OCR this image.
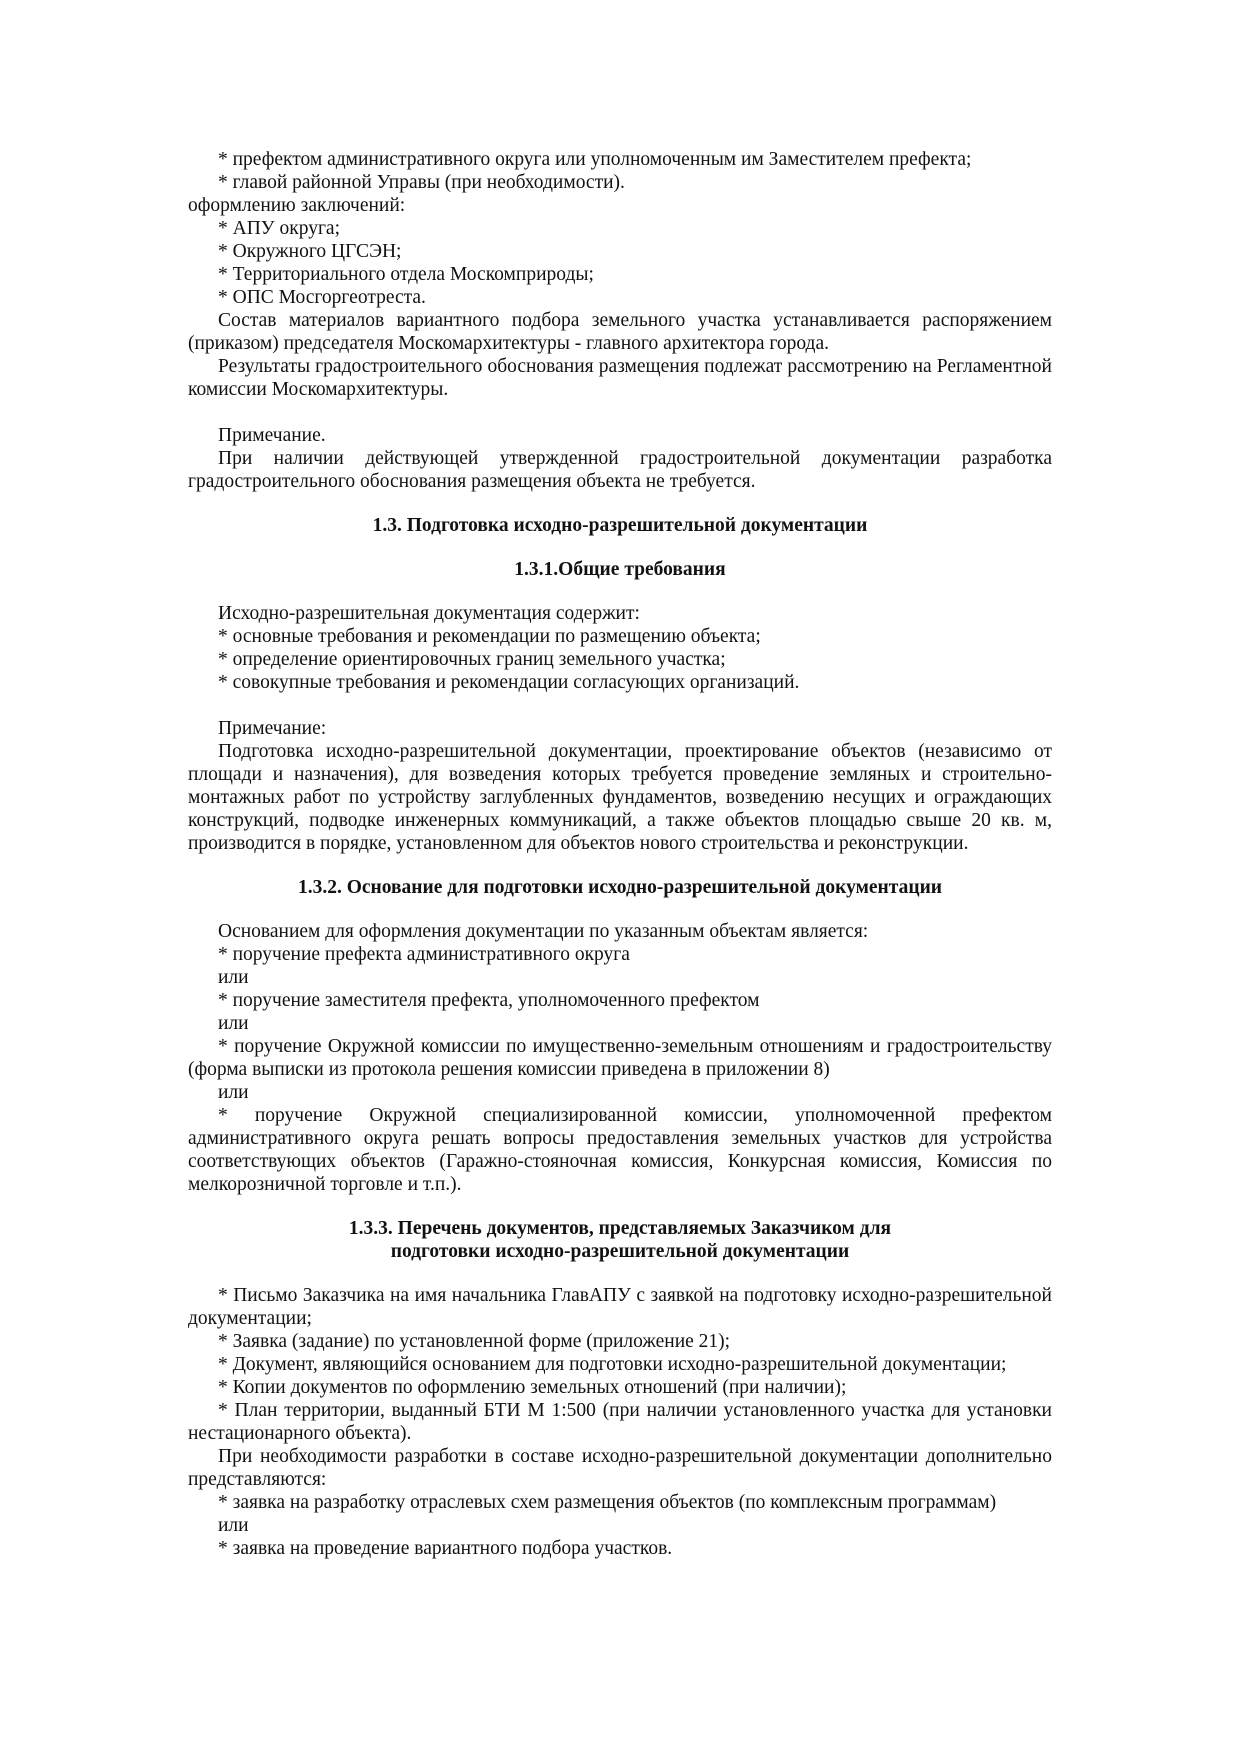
* префектом административного округа или уполномоченным им Заместителем префекта;

* главой районной Управы (при необходимости).

оформлению заключений:

* АПУ округа;

* Окружного ЦГСЭН;

* Территориального отдела Москомприроды;

* ОПС Мосгоргеотреста.

Состав материалов вариантного подбора земельного участка устанавливается распоряжением (приказом) председателя Москомархитектуры - главного архитектора города.

Результаты градостроительного обоснования размещения подлежат рассмотрению на Регламентной комиссии Москомархитектуры.

Примечание.

При наличии действующей утвержденной градостроительной документации разработка градостроительного обоснования размещения объекта не требуется.

1.3. Подготовка исходно-разрешительной документации

1.3.1.Общие требования

Исходно-разрешительная документация содержит:

* основные требования и рекомендации по размещению объекта;

* определение ориентировочных границ земельного участка;

* совокупные требования и рекомендации согласующих организаций.

Примечание:

Подготовка исходно-разрешительной документации, проектирование объектов (независимо от площади и назначения), для возведения которых требуется проведение земляных и строительно-монтажных работ по устройству заглубленных фундаментов, возведению несущих и ограждающих конструкций, подводке инженерных коммуникаций, а также объектов площадью свыше 20 кв. м, производится в порядке, установленном для объектов нового строительства и реконструкции.

1.3.2. Основание для подготовки исходно-разрешительной документации

Основанием для оформления документации по указанным объектам является:

* поручение префекта административного округа

или

* поручение заместителя префекта, уполномоченного префектом

или

* поручение Окружной комиссии по имущественно-земельным отношениям и градостроительству (форма выписки из протокола решения комиссии приведена в приложении 8)

или

* поручение Окружной специализированной комиссии, уполномоченной префектом административного округа решать вопросы предоставления земельных участков для устройства соответствующих объектов (Гаражно-стояночная комиссия, Конкурсная комиссия, Комиссия по мелкорозничной торговле и т.п.).

1.3.3. Перечень документов, представляемых Заказчиком для

подготовки исходно-разрешительной документации

* Письмо Заказчика на имя начальника ГлавАПУ с заявкой на подготовку исходно-разрешительной документации;

* Заявка (задание) по установленной форме (приложение 21);

* Документ, являющийся основанием для подготовки исходно-разрешительной документации;

* Копии документов по оформлению земельных отношений (при наличии);

* План территории, выданный БТИ М 1:500 (при наличии установленного участка для установки нестационарного объекта).

При необходимости разработки в составе исходно-разрешительной документации дополнительно представляются:

* заявка на разработку отраслевых схем размещения объектов (по комплексным программам)

или

* заявка на проведение вариантного подбора участков.
